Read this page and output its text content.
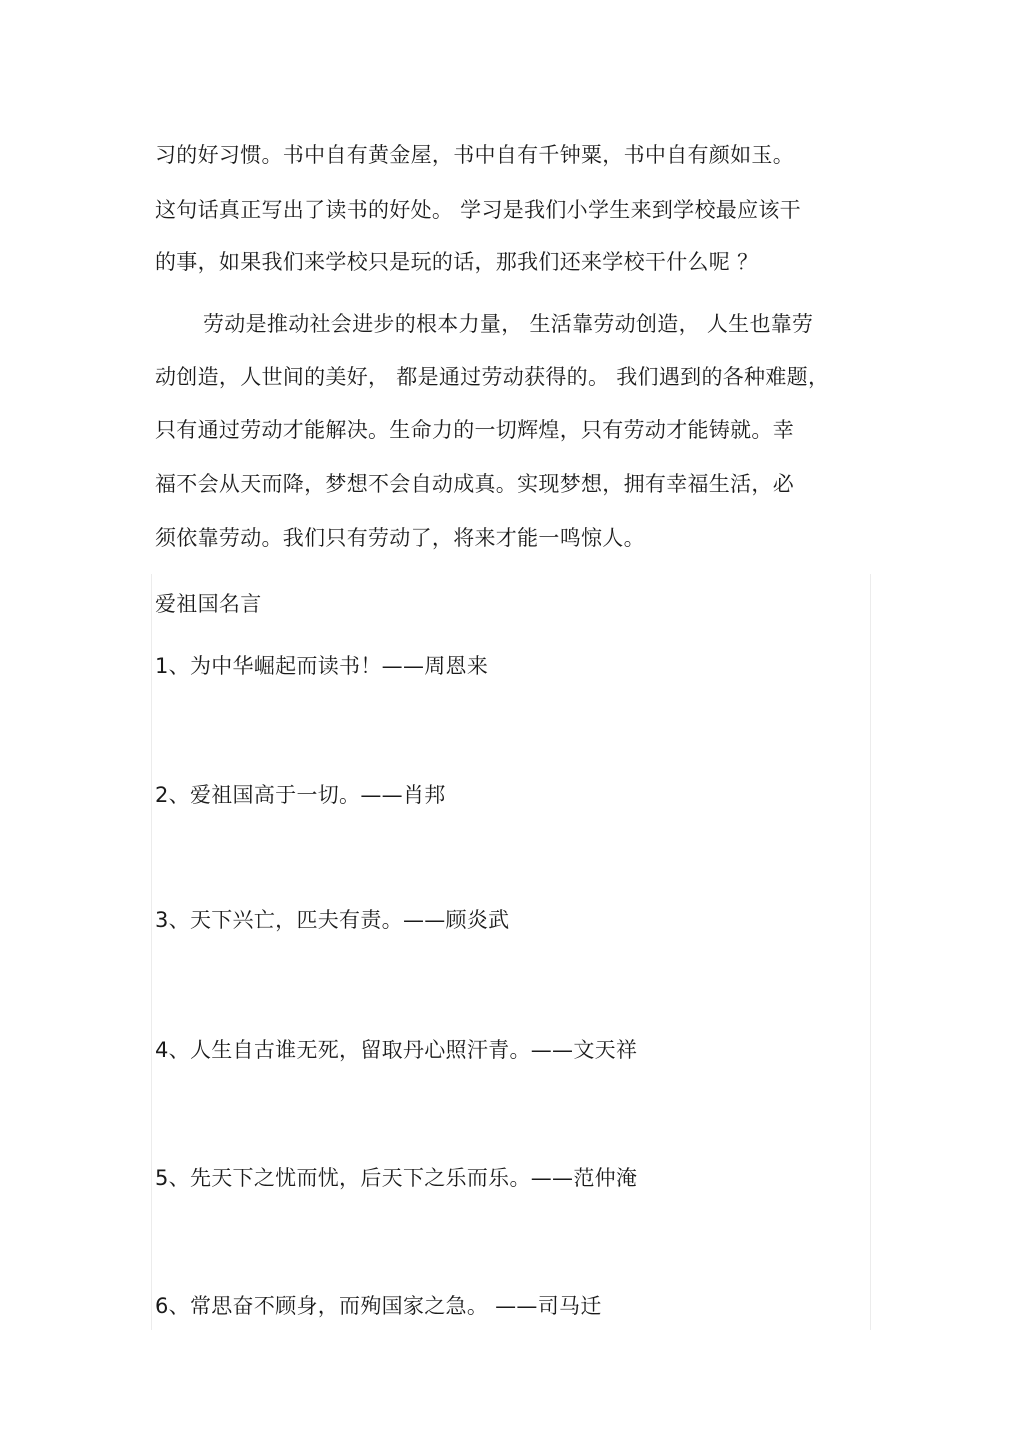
习的好习惯。书中自有黄金屋，书中自有千钟粟，书中自有颜如玉。
这句话真正写出了读书的好处。 学习是我们小学生来到学校最应该干
的事，如果我们来学校只是玩的话，那我们还来学校干什么呢 ？
劳动是推动社会进步的根本力量， 生活靠劳动创造， 人生也靠劳
动创造，人世间的美好， 都是通过劳动获得的。 我们遇到的各种难题，
只有通过劳动才能解决。生命力的一切辉煌，只有劳动才能铸就。幸
福不会从天而降，梦想不会自动成真。实现梦想，拥有幸福生活，必
须依靠劳动。我们只有劳动了，将来才能一鸣惊人。
爱祖国名言
1、为中华崛起而读书！——周恩来
2、爱祖国高于一切。——肖邦
3、天下兴亡，匹夫有责。——顾炎武
4、人生自古谁无死，留取丹心照汗青。——文天祥
5、先天下之忧而忧，后天下之乐而乐。——范仲淹
6、常思奋不顾身，而殉国家之急。 ——司马迁
